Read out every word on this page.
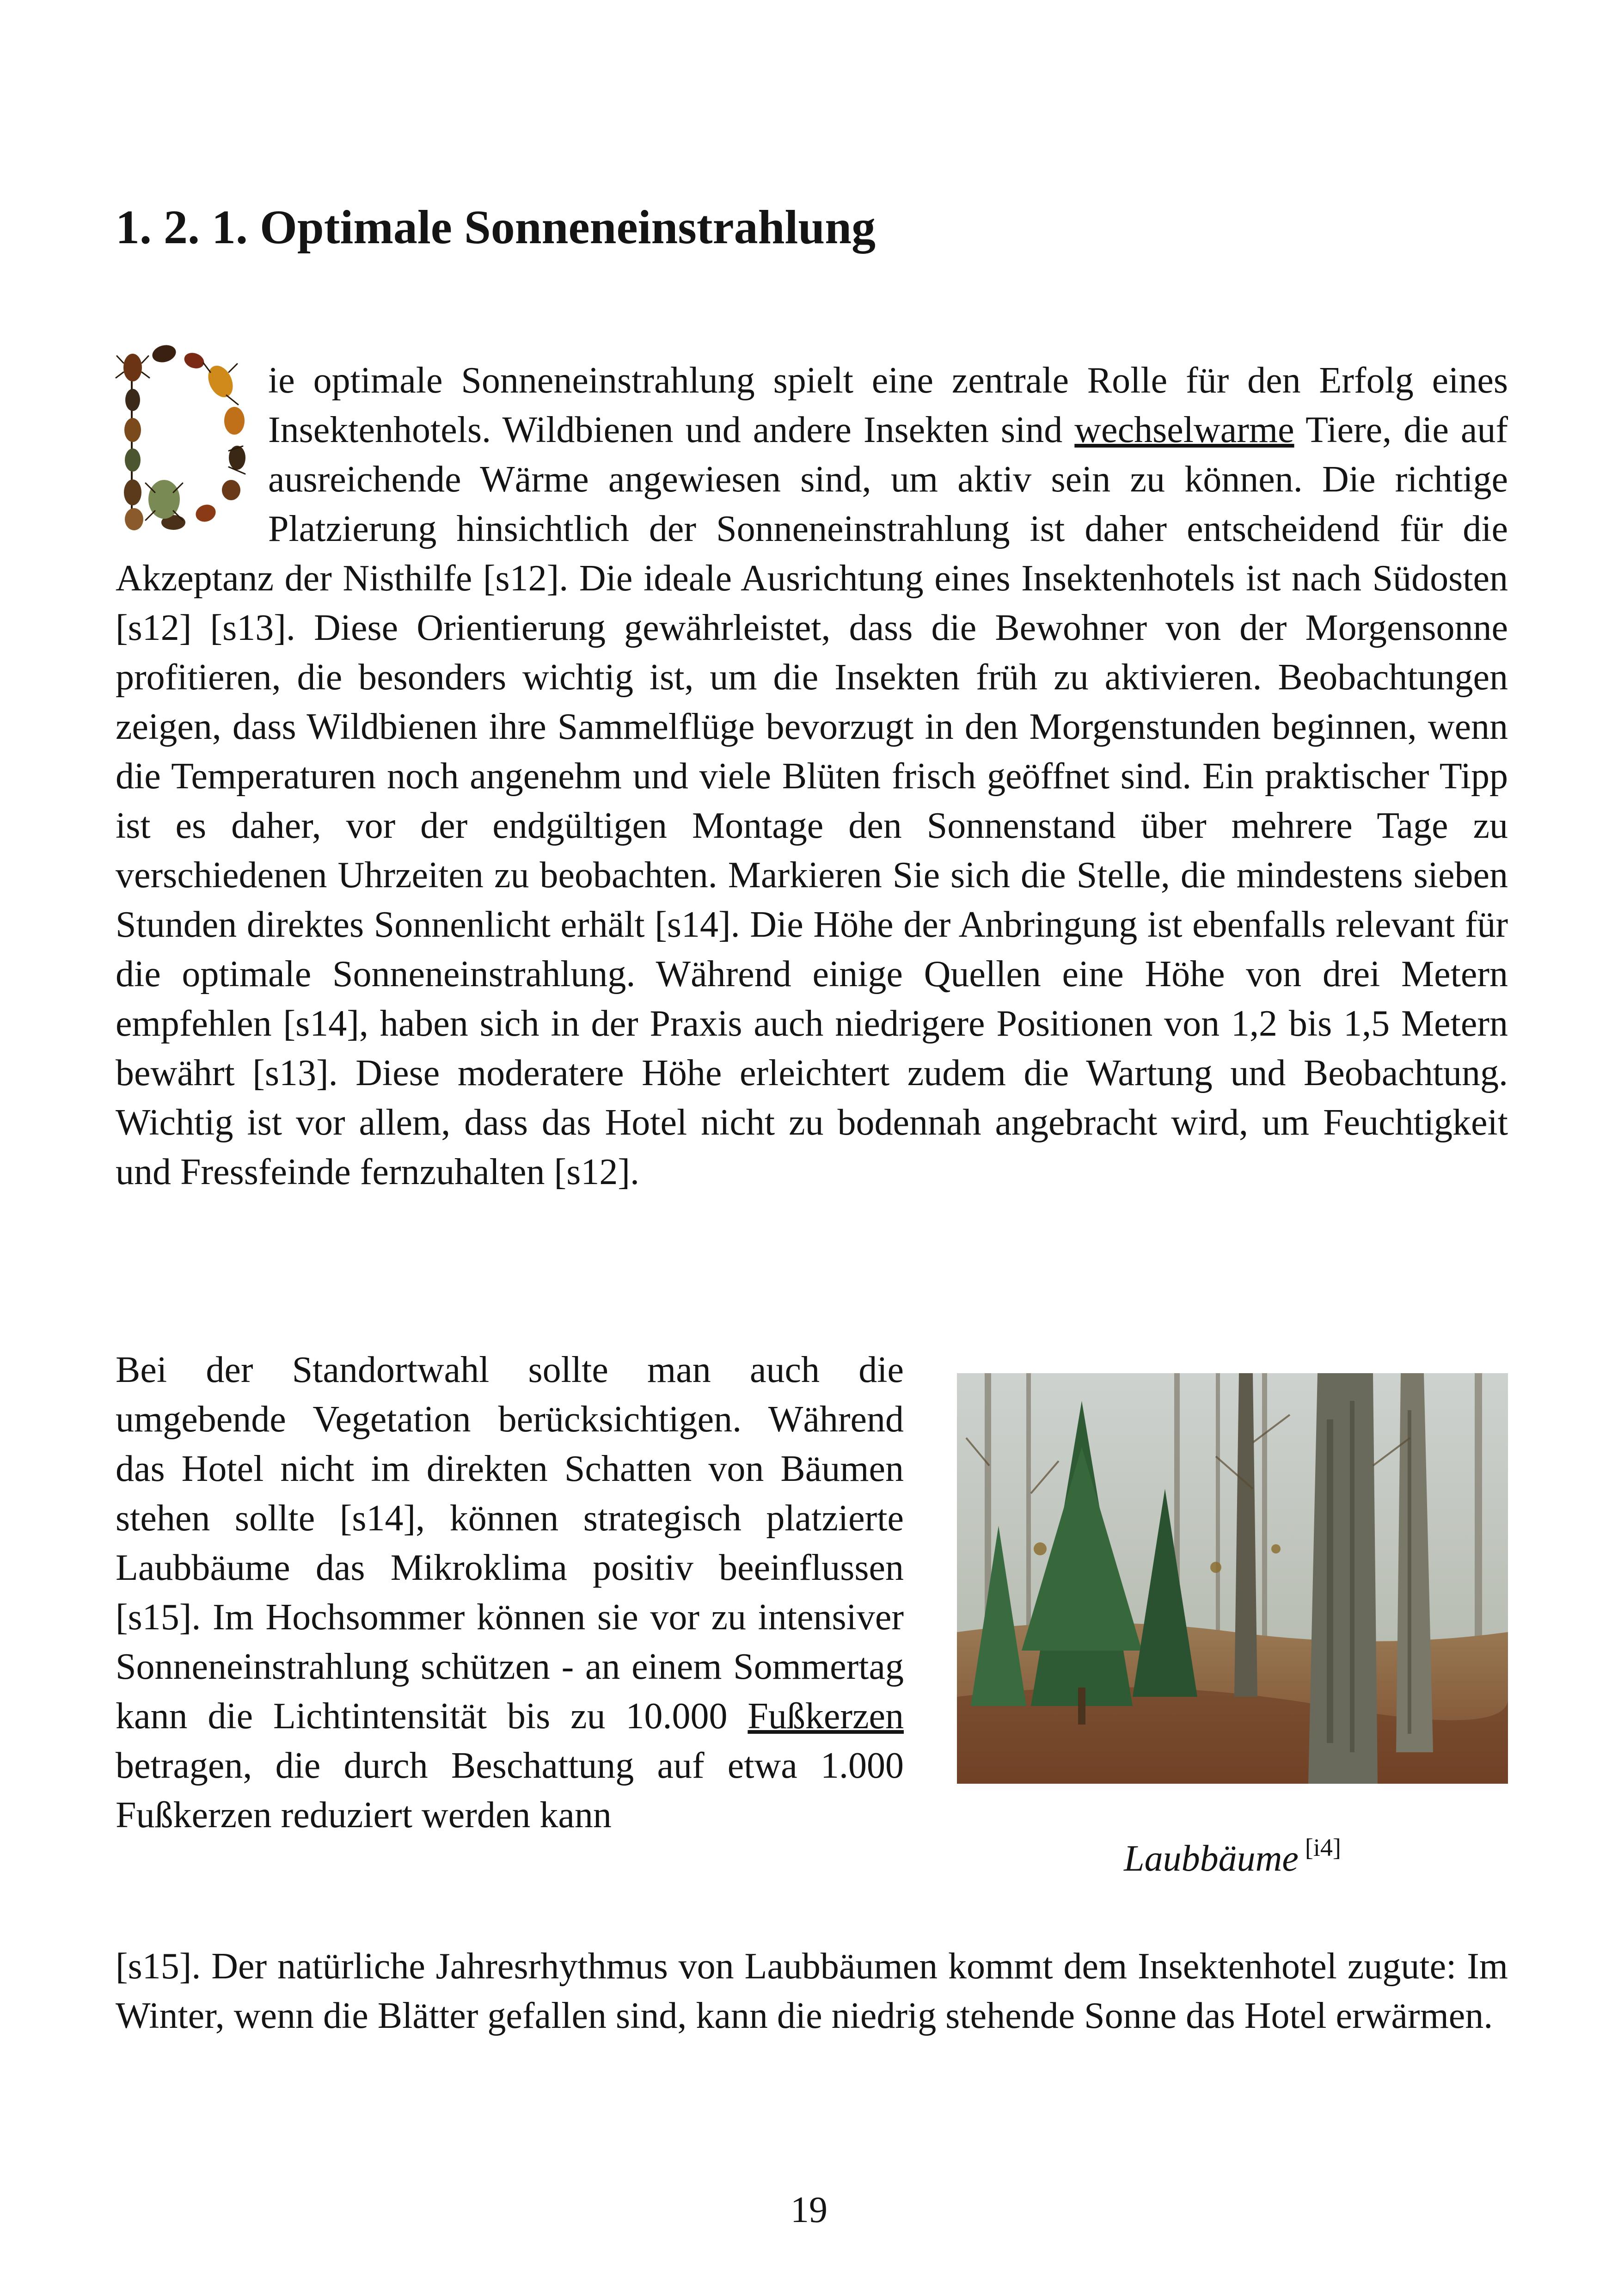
1. 2. 1. Optimale Sonneneinstrahlung

ie optimale Sonneneinstrahlung spielt eine zentrale Rolle für den Erfolg eines Insektenhotels. Wildbienen und andere Insekten sind wechselwarme Tiere, die auf ausreichende Wärme angewiesen sind, um aktiv sein zu können. Die richtige Platzierung hinsichtlich der Sonneneinstrahlung ist daher entscheidend für die Akzeptanz der Nisthilfe [s12]. Die ideale Ausrichtung eines Insektenhotels ist nach Südosten [s12] [s13]. Diese Orientierung gewährleistet, dass die Bewohner von der Morgensonne profitieren, die besonders wichtig ist, um die Insekten früh zu aktivieren. Beobachtungen zeigen, dass Wildbienen ihre Sammelflüge bevorzugt in den Morgenstunden beginnen, wenn die Temperaturen noch angenehm und viele Blüten frisch geöffnet sind. Ein praktischer Tipp ist es daher, vor der endgültigen Montage den Sonnenstand über mehrere Tage zu verschiedenen Uhrzeiten zu beobachten. Markieren Sie sich die Stelle, die mindestens sieben Stunden direktes Sonnenlicht erhält [s14]. Die Höhe der Anbringung ist ebenfalls relevant für die optimale Sonneneinstrahlung. Während einige Quellen eine Höhe von drei Metern empfehlen [s14], haben sich in der Praxis auch niedrigere Positionen von 1,2 bis 1,5 Metern bewährt [s13]. Diese moderatere Höhe erleichtert zudem die Wartung und Beobachtung. Wichtig ist vor allem, dass das Hotel nicht zu bodennah angebracht wird, um Feuchtigkeit und Fressfeinde fernzuhalten [s12].

Bei der Standortwahl sollte man auch die umgebende Vegetation berücksichtigen. Während das Hotel nicht im direkten Schatten von Bäumen stehen sollte [s14], können strategisch platzierte Laubbäume das Mikroklima positiv beeinflussen [s15]. Im Hochsommer können sie vor zu intensiver Sonneneinstrahlung schützen - an einem Sommertag kann die Lichtintensität bis zu 10.000 Fußkerzen betragen, die durch Beschattung auf etwa 1.000 Fußkerzen reduziert werden kann

Laubbäume [i4]

[s15]. Der natürliche Jahresrhythmus von Laubbäumen kommt dem Insektenhotel zugute: Im Winter, wenn die Blätter gefallen sind, kann die niedrig stehende Sonne das Hotel erwärmen.

19
